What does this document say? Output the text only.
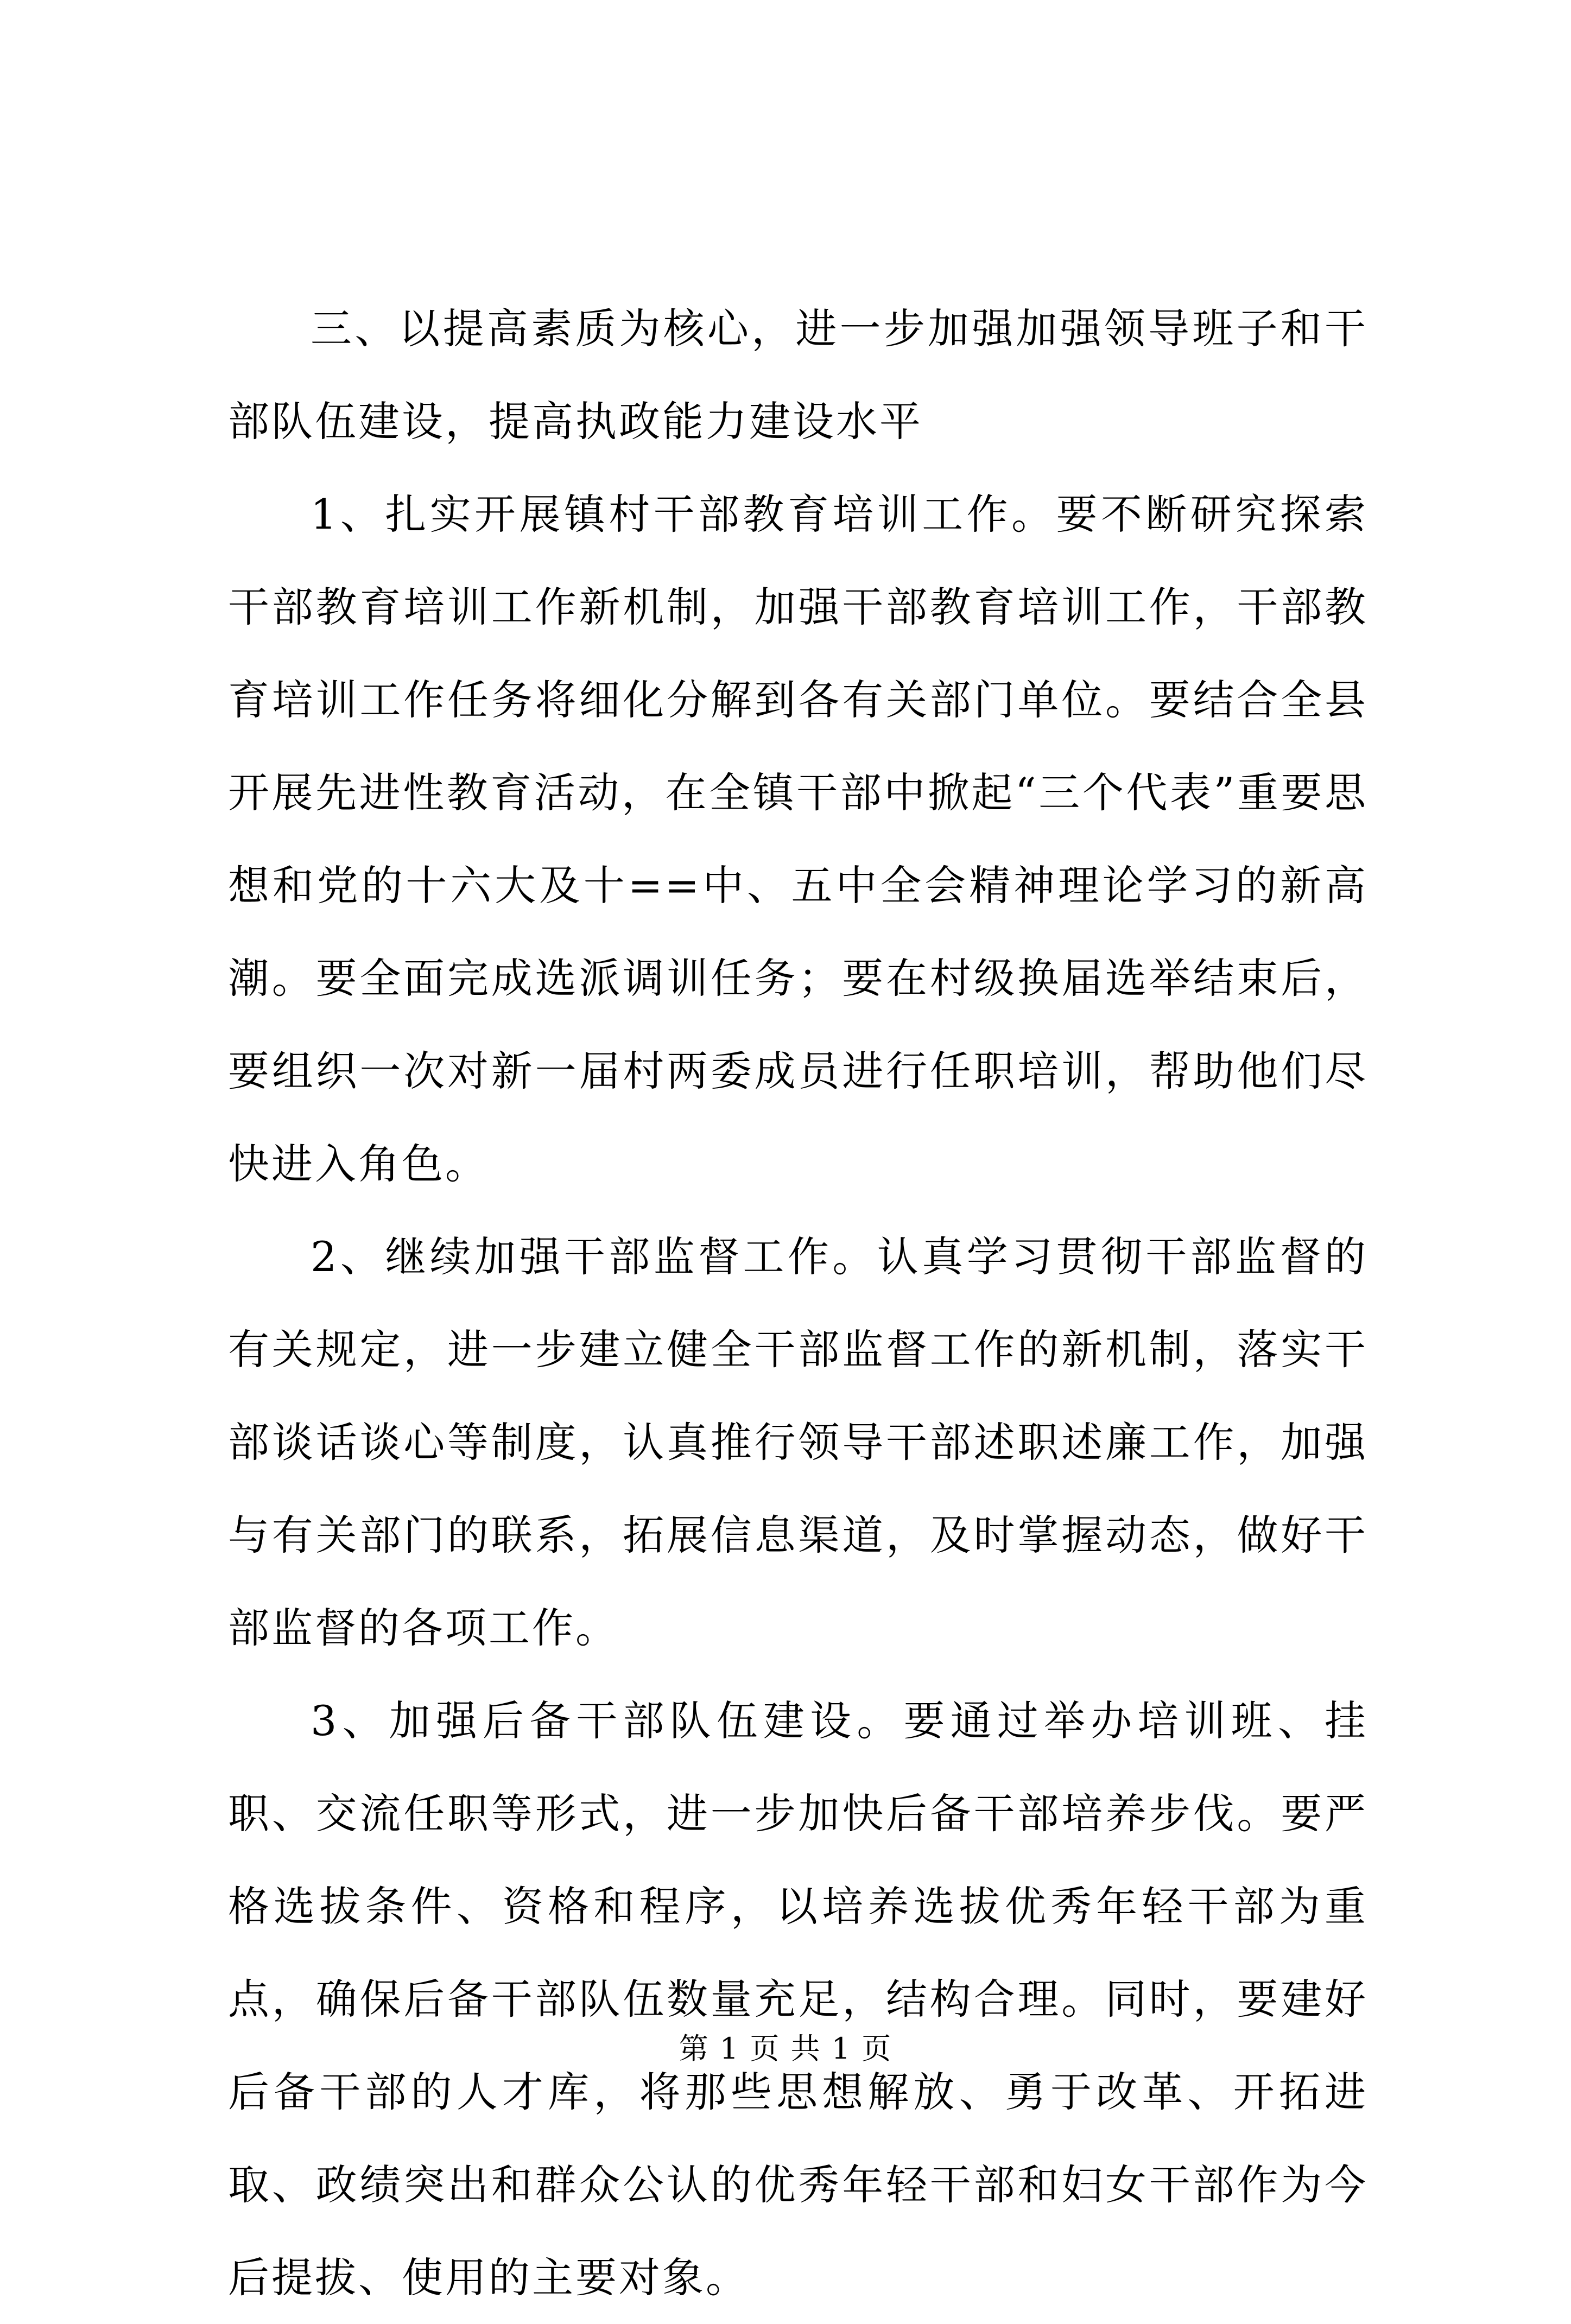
三、以提高素质为核心，进一步加强加强领导班子和干部队伍建设，提高执政能力建设水平

1、扎实开展镇村干部教育培训工作。要不断研究探索干部教育培训工作新机制，加强干部教育培训工作，干部教育培训工作任务将细化分解到各有关部门单位。要结合全县开展先进性教育活动，在全镇干部中掀起“三个代表”重要思想和党的十六大及十==中、五中全会精神理论学习的新高潮。要全面完成选派调训任务；要在村级换届选举结束后，要组织一次对新一届村两委成员进行任职培训，帮助他们尽快进入角色。

2、继续加强干部监督工作。认真学习贯彻干部监督的有关规定，进一步建立健全干部监督工作的新机制，落实干部谈话谈心等制度，认真推行领导干部述职述廉工作，加强与有关部门的联系，拓展信息渠道，及时掌握动态，做好干部监督的各项工作。

3、加强后备干部队伍建设。要通过举办培训班、挂职、交流任职等形式，进一步加快后备干部培养步伐。要严格选拔条件、资格和程序，以培养选拔优秀年轻干部为重点，确保后备干部队伍数量充足，结构合理。同时，要建好后备干部的人才库，将那些思想解放、勇于改革、开拓进取、政绩突出和群众公认的优秀年轻干部和妇女干部作为今后提拔、使用的主要对象。

第 1 页 共 1 页
